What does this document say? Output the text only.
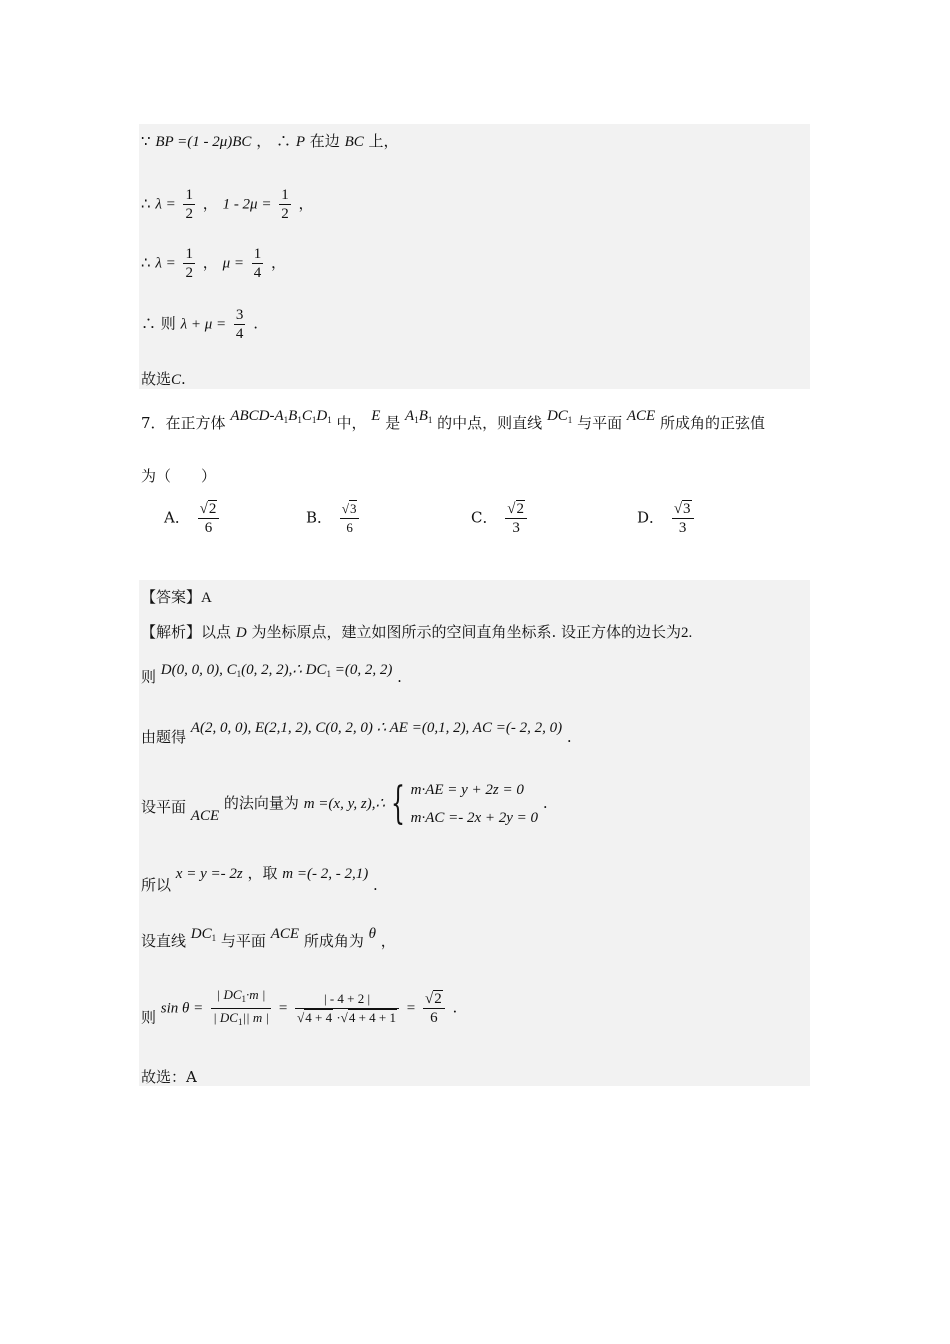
∵ BP =(1 - 2μ)BC ， ∴ P 在边 BC 上，
∴ $\lambda = \frac{1}{2}$ ， $1 - 2\mu = \frac{1}{2}$ ，
∴ $\lambda = \frac{1}{2}$ ， $\mu = \frac{1}{4}$ ，
∴ 则 $\lambda + \mu = \frac{3}{4}$ .
故选C.
7．在正方体 ABCD-$A^1B^1C^1D^1$ 中， E 是 $A^1B^1$ 的中点，则直线 $DC^1$ 与平面 ACE 所成角的正弦值
为（　　）
A． $\frac{√2}{6}$	B． $\frac{√3}{6}$	C． $\frac{√2}{3}$	D． $\frac{√3}{3}$
【答案】A
【解析】以点 D 为坐标原点，建立如图所示的空间直角坐标系. 设正方体的边长为2.
则 D(0, 0, 0), $C_1(0$, 2, 2),∴ $DC_1 =(0$, 2, 2) .
由题得 A(2, 0, 0), E(2,1, 2), C(0, 2, 0) ∴ AE =(0,1, 2), AC =(- 2, 2, 0) .
设平面 ACE 的法向量为 m =(x, y, z),∴ { m·AE = y + 2z = 0
m·AC =- 2x + 2y = 0
.
所以 x = y =- 2z ，取 m =(- 2, - 2,1) .
设直线 $DC_1$ 与平面 ACE 所成角为 θ ，
则 $\sin \theta = \frac{| DC_1\cdot m |}{| DC_1|| m |} = \frac{| - 4 + 2 |}{√4 + 4 \cdot√4 + 4 + 1} = \frac{√2}{6}$ .
故选：A
